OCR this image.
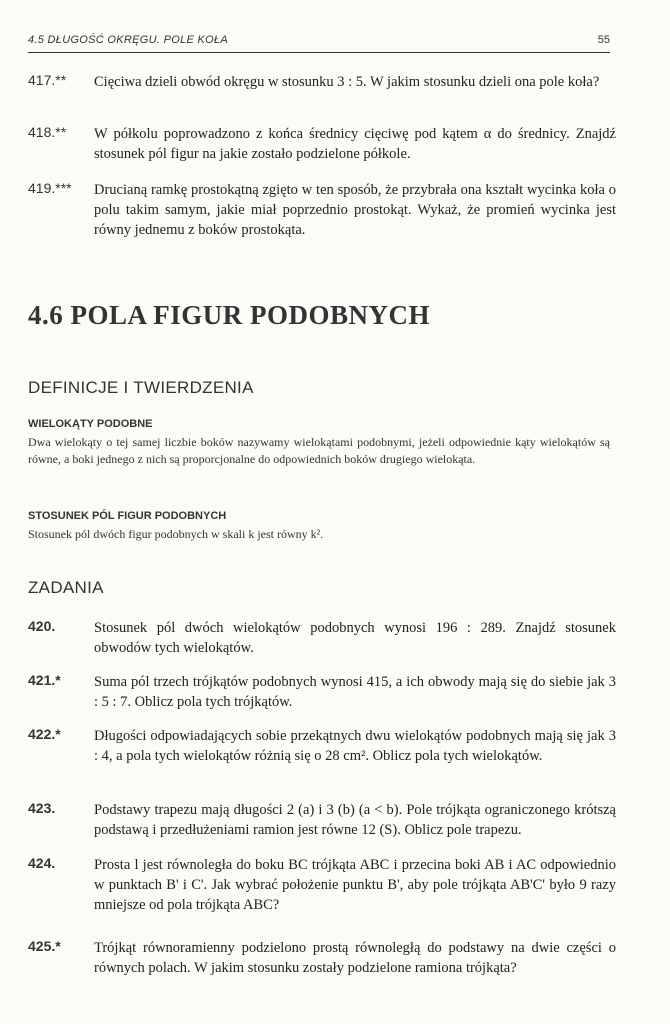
4.5 DŁUGOŚĆ OKRĘGU. POLE KOŁA	55
417.**	Cięciwa dzieli obwód okręgu w stosunku 3 : 5. W jakim stosunku dzieli ona pole koła?
418.**	W półkolu poprowadzono z końca średnicy cięciwę pod kątem α do średnicy. Znajdź stosunek pól figur na jakie zostało podzielone półkole.
419.***	Drucianą ramkę prostokątną zgięto w ten sposób, że przybrała ona kształt wycinka koła o polu takim samym, jakie miał poprzednio prostokąt. Wykaż, że promień wycinka jest równy jednemu z boków prostokąta.
4.6 POLA FIGUR PODOBNYCH
DEFINICJE I TWIERDZENIA
WIELOKĄTY PODOBNE
Dwa wielokąty o tej samej liczbie boków nazywamy wielokątami podobnymi, jeżeli odpowiednie kąty wielokątów są równe, a boki jednego z nich są proporcjonalne do odpowiednich boków drugiego wielokąta.
STOSUNEK PÓL FIGUR PODOBNYCH
Stosunek pól dwóch figur podobnych w skali k jest równy k².
ZADANIA
420.	Stosunek pól dwóch wielokątów podobnych wynosi 196 : 289. Znajdź stosunek obwodów tych wielokątów.
421.*	Suma pól trzech trójkątów podobnych wynosi 415, a ich obwody mają się do siebie jak 3 : 5 : 7. Oblicz pola tych trójkątów.
422.*	Długości odpowiadających sobie przekątnych dwu wielokątów podobnych mają się jak 3 : 4, a pola tych wielokątów różnią się o 28 cm². Oblicz pola tych wielokątów.
423.	Podstawy trapezu mają długości 2 (a) i 3 (b) (a < b). Pole trójkąta ograniczonego krótszą podstawą i przedłużeniami ramion jest równe 12 (S). Oblicz pole trapezu.
424.	Prosta l jest równoległa do boku BC trójkąta ABC i przecina boki AB i AC odpowiednio w punktach B' i C'. Jak wybrać położenie punktu B', aby pole trójkąta AB'C' było 9 razy mniejsze od pola trójkąta ABC?
425.*	Trójkąt równoramienny podzielono prostą równoległą do podstawy na dwie części o równych polach. W jakim stosunku zostały podzielone ramiona trójkąta?
